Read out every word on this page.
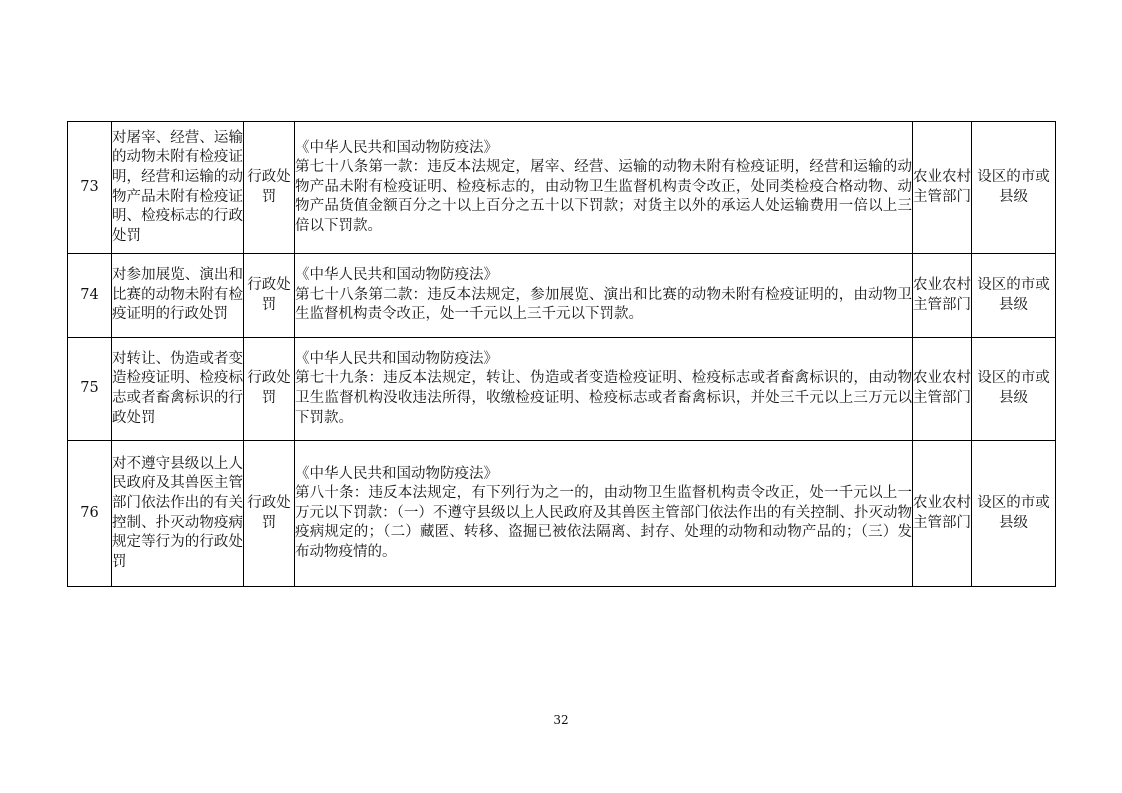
73	对屠宰、经营、运输的动物未附有检疫证明，经营和运输的动物产品未附有检疫证明、检疫标志的行政处罚	行政处罚	《中华人民共和国动物防疫法》
第七十八条第一款：违反本法规定，屠宰、经营、运输的动物未附有检疫证明，经营和运输的动物产品未附有检疫证明、检疫标志的，由动物卫生监督机构责令改正，处同类检疫合格动物、动物产品货值金额百分之十以上百分之五十以下罚款；对货主以外的承运人处运输费用一倍以上三倍以下罚款。	农业农村主管部门	设区的市或县级
74	对参加展览、演出和比赛的动物未附有检疫证明的行政处罚	行政处罚	《中华人民共和国动物防疫法》
第七十八条第二款：违反本法规定，参加展览、演出和比赛的动物未附有检疫证明的，由动物卫生监督机构责令改正，处一千元以上三千元以下罚款。	农业农村主管部门	设区的市或县级
75	对转让、伪造或者变造检疫证明、检疫标志或者畜禽标识的行政处罚	行政处罚	《中华人民共和国动物防疫法》
第七十九条：违反本法规定，转让、伪造或者变造检疫证明、检疫标志或者畜禽标识的，由动物卫生监督机构没收违法所得，收缴检疫证明、检疫标志或者畜禽标识，并处三千元以上三万元以下罚款。	农业农村主管部门	设区的市或县级
76	对不遵守县级以上人民政府及其兽医主管部门依法作出的有关控制、扑灭动物疫病规定等行为的行政处罚	行政处罚	《中华人民共和国动物防疫法》
第八十条：违反本法规定，有下列行为之一的，由动物卫生监督机构责令改正，处一千元以上一万元以下罚款：（一）不遵守县级以上人民政府及其兽医主管部门依法作出的有关控制、扑灭动物疫病规定的；（二）藏匿、转移、盗掘已被依法隔离、封存、处理的动物和动物产品的；（三）发布动物疫情的。	农业农村主管部门	设区的市或县级
32
